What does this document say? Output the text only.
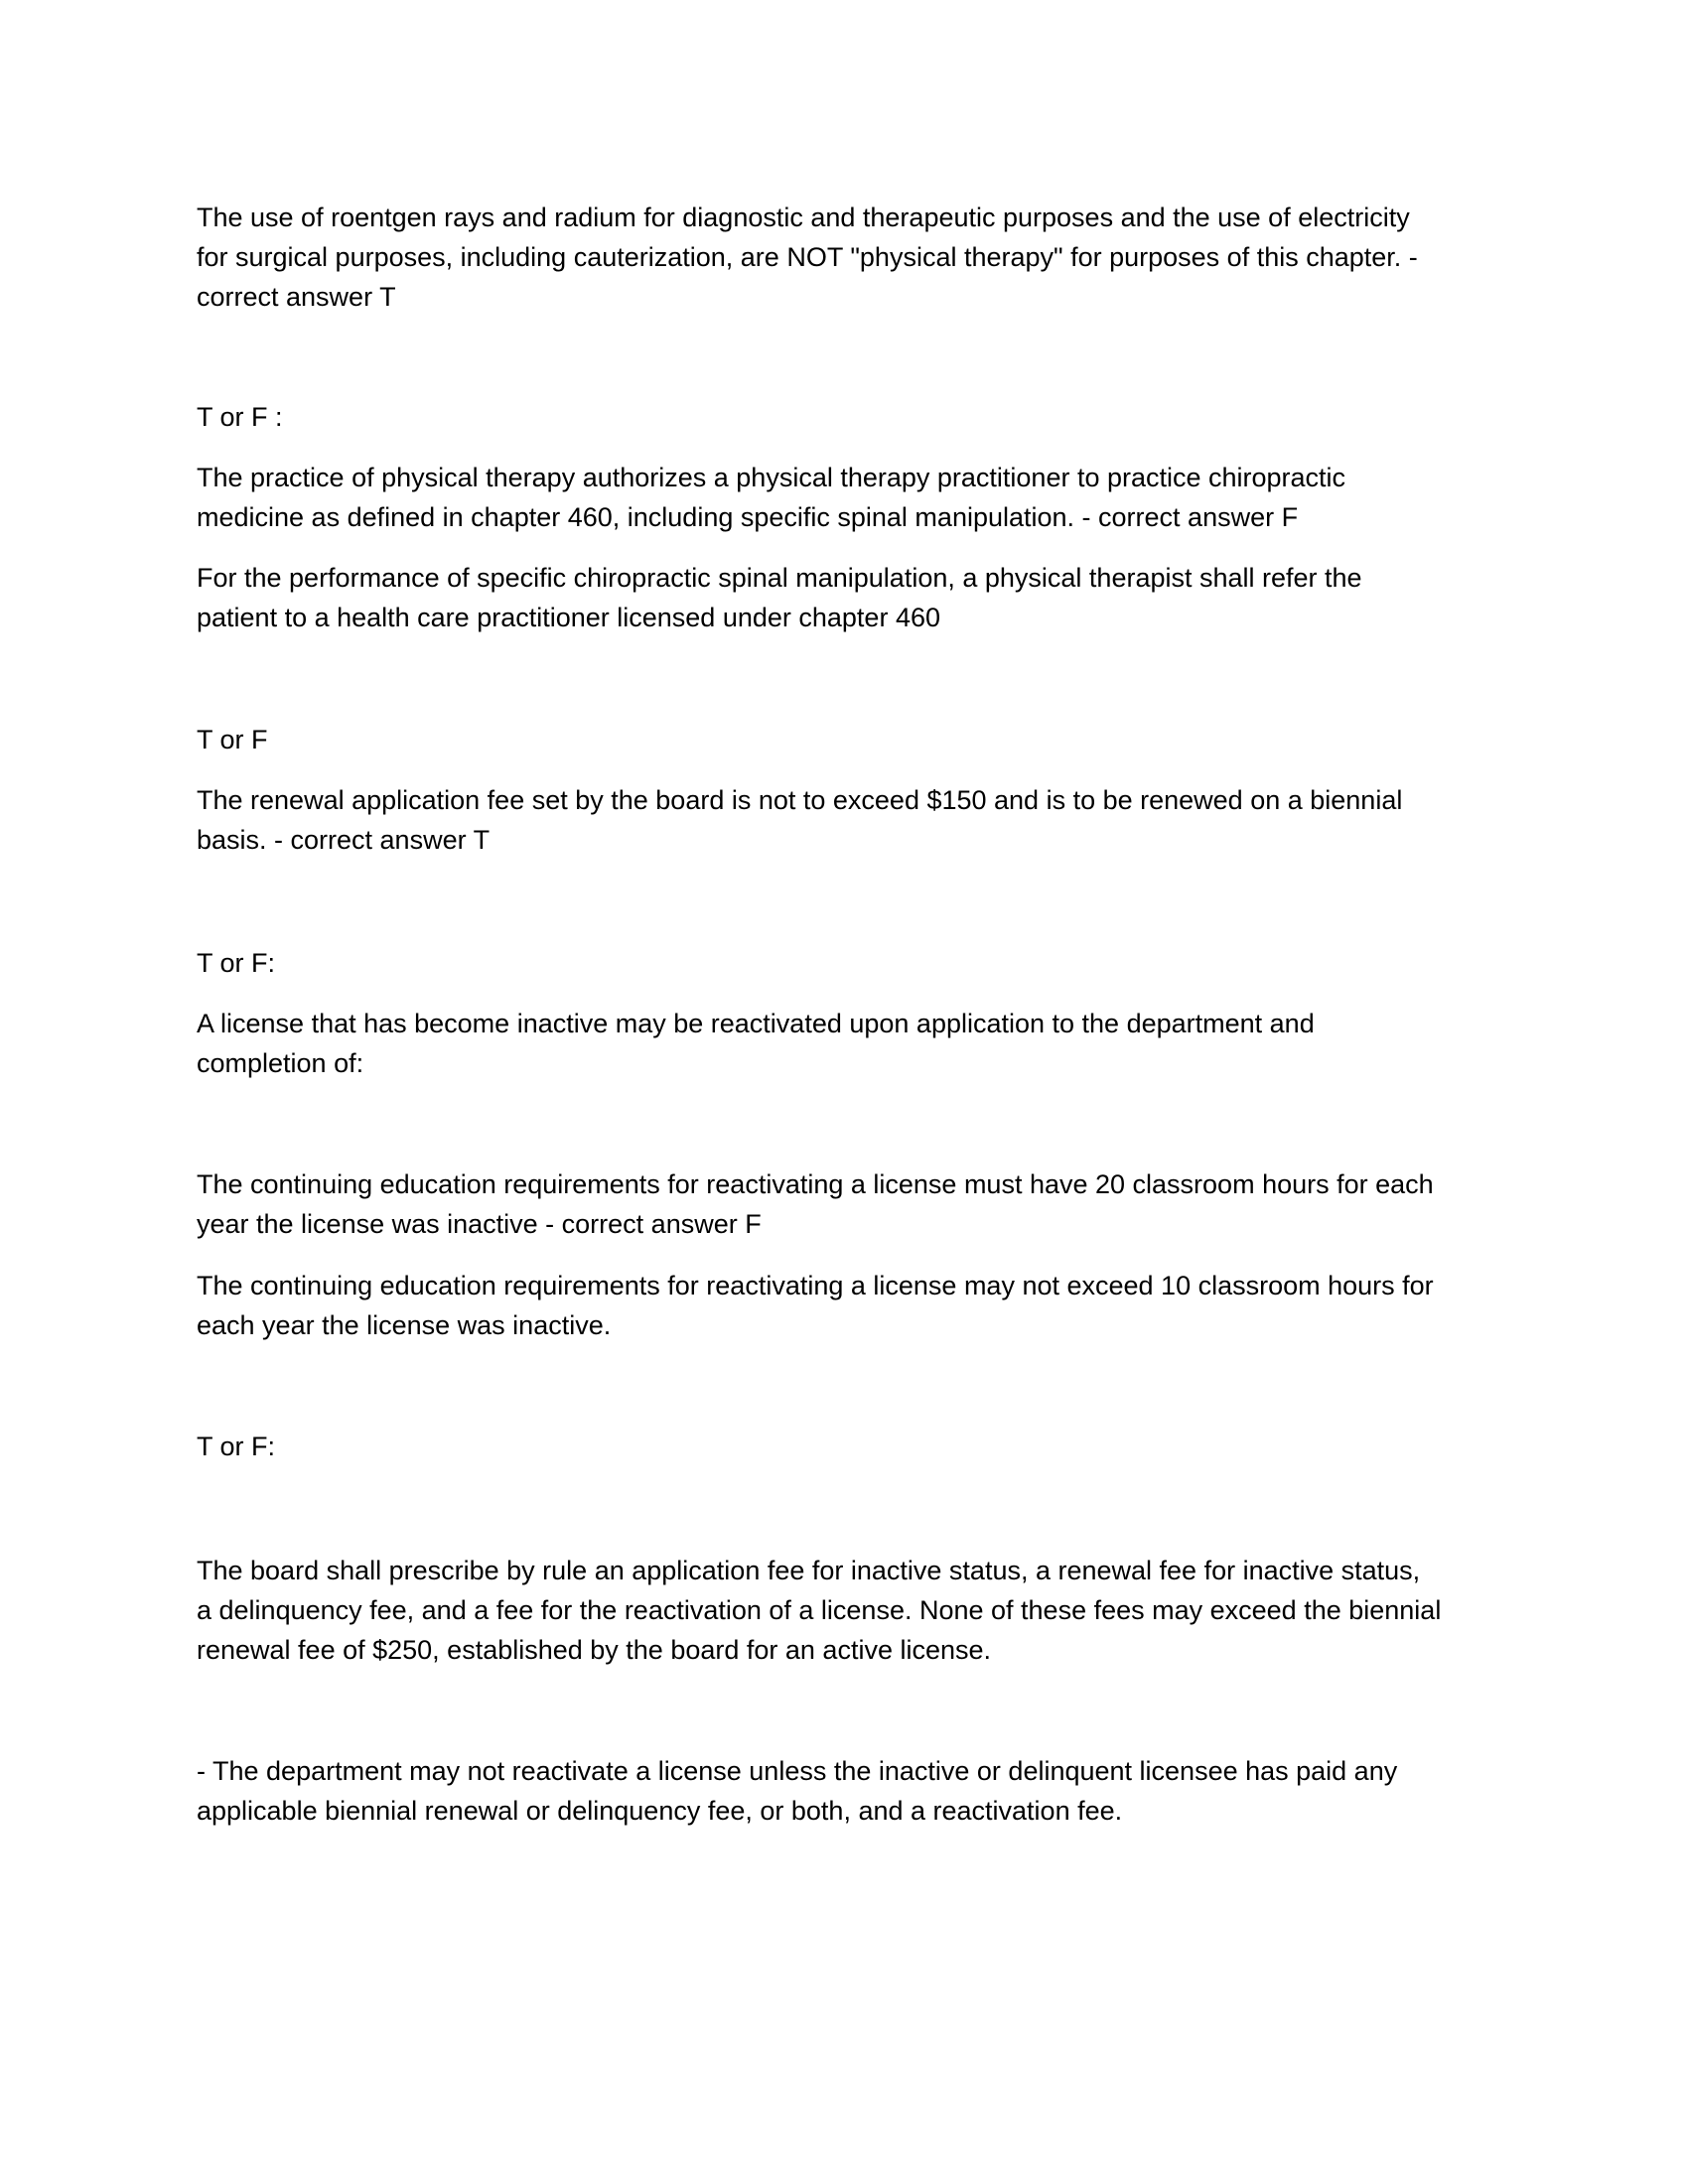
The use of roentgen rays and radium for diagnostic and therapeutic purposes and the use of electricity
for surgical purposes, including cauterization, are NOT "physical therapy" for purposes of this chapter. -
correct answer T

T or F :

The practice of physical therapy authorizes a physical therapy practitioner to practice chiropractic
medicine as defined in chapter 460, including specific spinal manipulation. - correct answer F

For the performance of specific chiropractic spinal manipulation, a physical therapist shall refer the
patient to a health care practitioner licensed under chapter 460

T or F

The renewal application fee set by the board is not to exceed $150 and is to be renewed on a biennial
basis. - correct answer T

T or F:

A license that has become inactive may be reactivated upon application to the department and
completion of:

The continuing education requirements for reactivating a license must have 20 classroom hours for each
year the license was inactive - correct answer F

The continuing education requirements for reactivating a license may not exceed 10 classroom hours for
each year the license was inactive.

T or F:

The board shall prescribe by rule an application fee for inactive status, a renewal fee for inactive status,
a delinquency fee, and a fee for the reactivation of a license. None of these fees may exceed the biennial
renewal fee of $250, established by the board for an active license.

- The department may not reactivate a license unless the inactive or delinquent licensee has paid any
applicable biennial renewal or delinquency fee, or both, and a reactivation fee.
